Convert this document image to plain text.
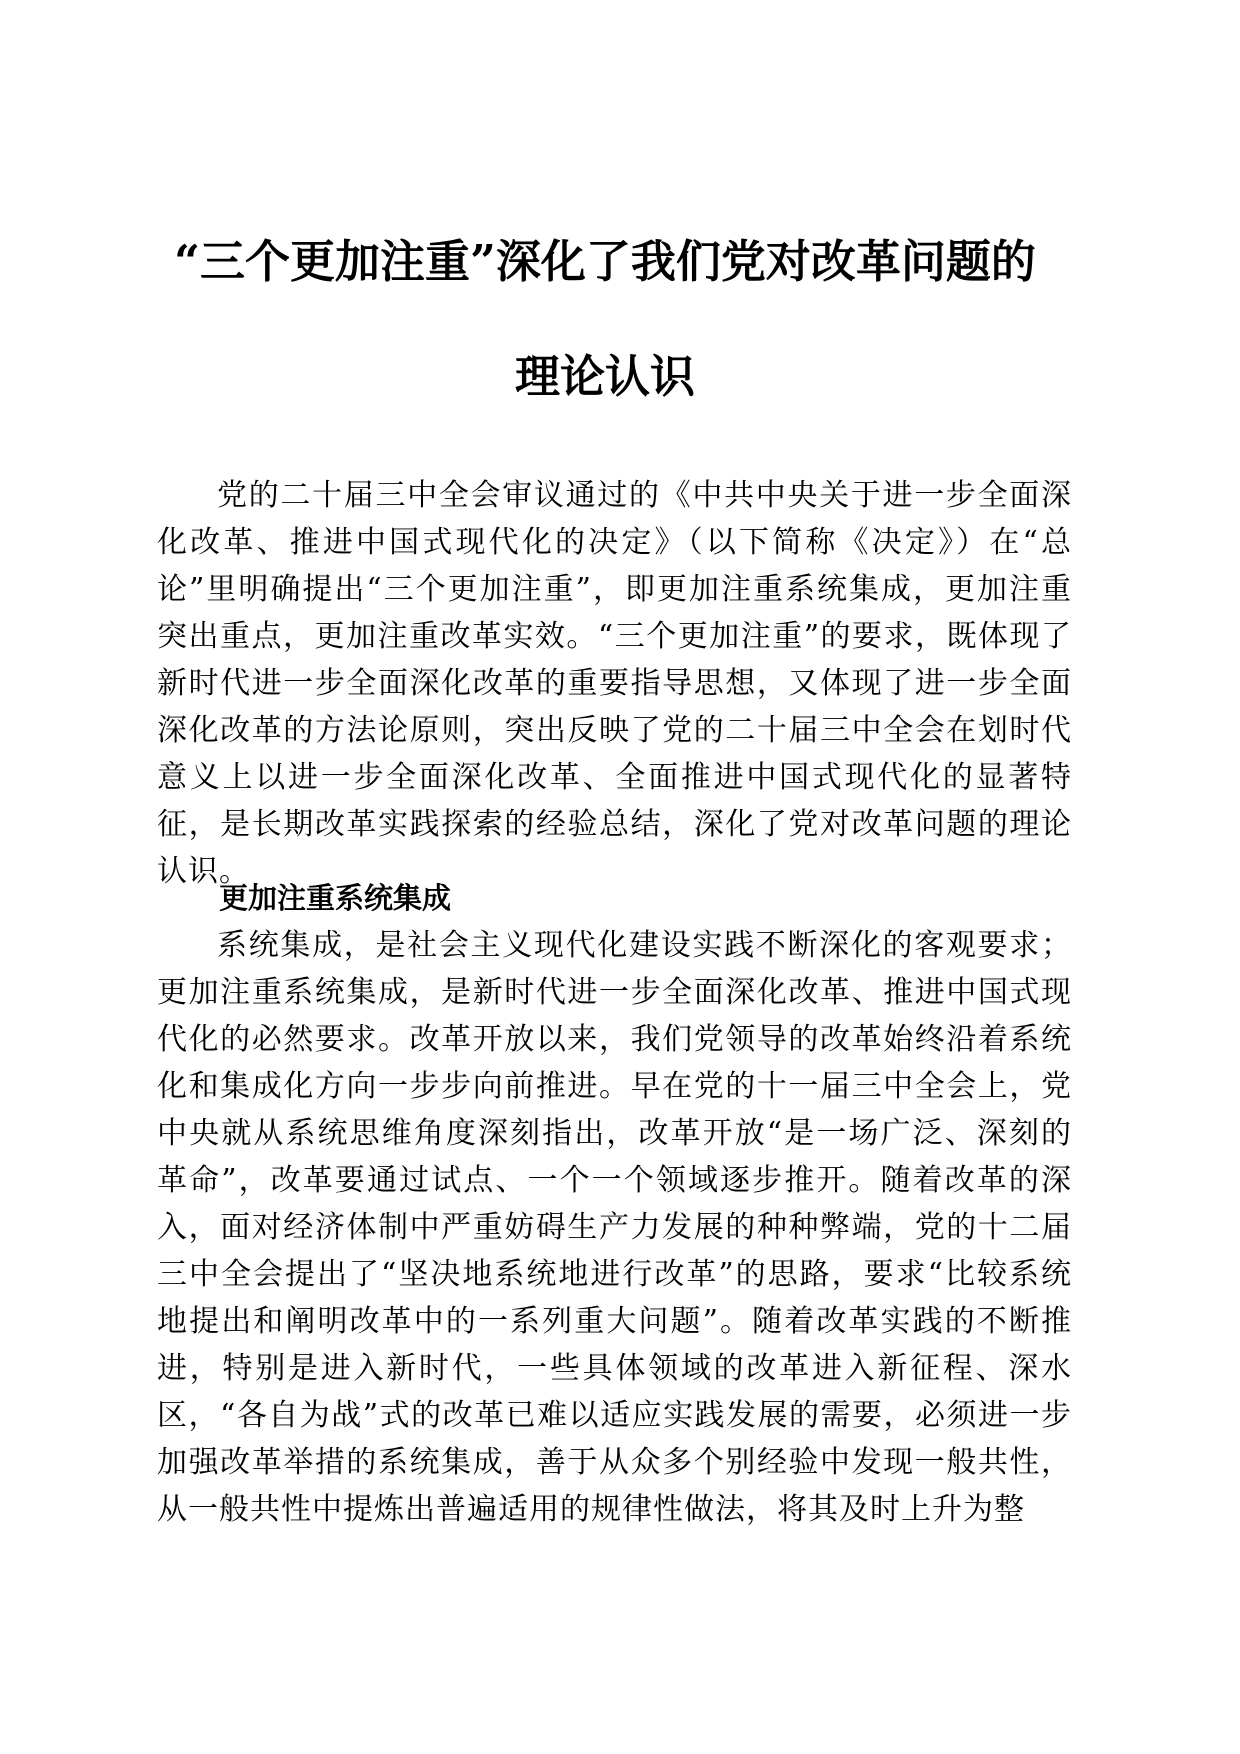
“三个更加注重”深化了我们党对改革问题的
理论认识

党的二十届三中全会审议通过的《中共中央关于进一步全面深化改革、推进中国式现代化的决定》（以下简称《决定》）在“总论”里明确提出“三个更加注重”，即更加注重系统集成，更加注重突出重点，更加注重改革实效。“三个更加注重”的要求，既体现了新时代进一步全面深化改革的重要指导思想，又体现了进一步全面深化改革的方法论原则，突出反映了党的二十届三中全会在划时代意义上以进一步全面深化改革、全面推进中国式现代化的显著特征，是长期改革实践探索的经验总结，深化了党对改革问题的理论认识。

更加注重系统集成

系统集成，是社会主义现代化建设实践不断深化的客观要求；更加注重系统集成，是新时代进一步全面深化改革、推进中国式现代化的必然要求。改革开放以来，我们党领导的改革始终沿着系统化和集成化方向一步步向前推进。早在党的十一届三中全会上，党中央就从系统思维角度深刻指出，改革开放“是一场广泛、深刻的革命”，改革要通过试点、一个一个领域逐步推开。随着改革的深入，面对经济体制中严重妨碍生产力发展的种种弊端，党的十二届三中全会提出了“坚决地系统地进行改革”的思路，要求“比较系统地提出和阐明改革中的一系列重大问题”。随着改革实践的不断推进，特别是进入新时代，一些具体领域的改革进入新征程、深水区，“各自为战”式的改革已难以适应实践发展的需要，必须进一步加强改革举措的系统集成，善于从众多个别经验中发现一般共性，从一般共性中提炼出普遍适用的规律性做法，将其及时上升为整
